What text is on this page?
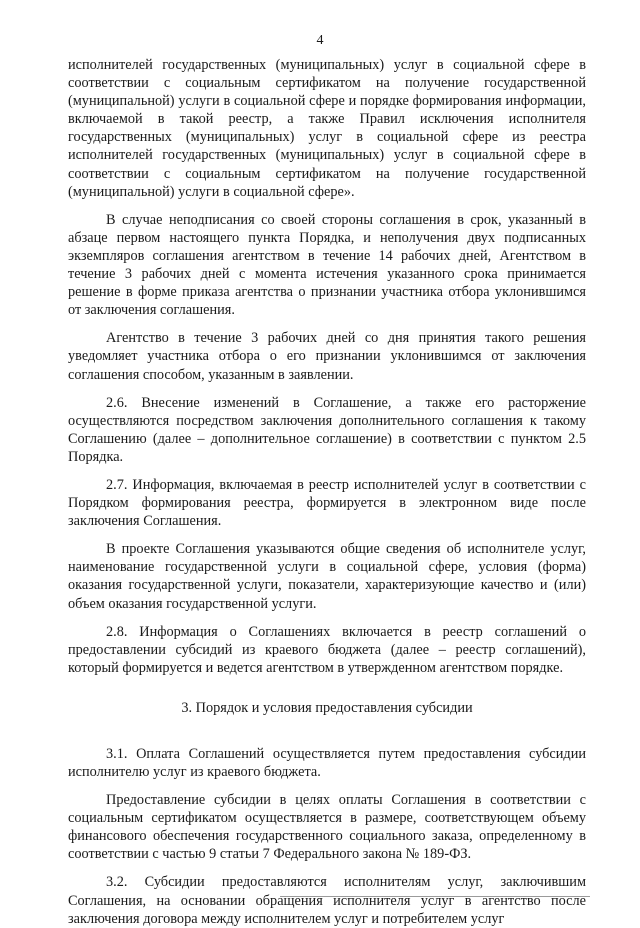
4

исполнителей государственных (муниципальных) услуг в социальной сфере в соответствии с социальным сертификатом на получение государственной (муниципальной) услуги в социальной сфере и порядке формирования информации, включаемой в такой реестр, а также Правил исключения исполнителя государственных (муниципальных) услуг в социальной сфере из реестра исполнителей государственных (муниципальных) услуг в социальной сфере в соответствии с социальным сертификатом на получение государственной (муниципальной) услуги в социальной сфере».

В случае неподписания со своей стороны соглашения в срок, указанный в абзаце первом настоящего пункта Порядка, и неполучения двух подписанных экземпляров соглашения агентством в течение 14 рабочих дней, Агентством в течение 3 рабочих дней с момента истечения указанного срока принимается решение в форме приказа агентства о признании участника отбора уклонившимся от заключения соглашения.

Агентство в течение 3 рабочих дней со дня принятия такого решения уведомляет участника отбора о его признании уклонившимся от заключения соглашения способом, указанным в заявлении.

2.6. Внесение изменений в Соглашение, а также его расторжение осуществляются посредством заключения дополнительного соглашения к такому Соглашению (далее – дополнительное соглашение) в соответствии с пунктом 2.5 Порядка.

2.7. Информация, включаемая в реестр исполнителей услуг в соответствии с Порядком формирования реестра, формируется в электронном виде после заключения Соглашения.

В проекте Соглашения указываются общие сведения об исполнителе услуг, наименование государственной услуги в социальной сфере, условия (форма) оказания государственной услуги, показатели, характеризующие качество и (или) объем оказания государственной услуги.

2.8. Информация о Соглашениях включается в реестр соглашений о предоставлении субсидий из краевого бюджета (далее – реестр соглашений), который формируется и ведется агентством в утвержденном агентством порядке.

3. Порядок и условия предоставления субсидии

3.1. Оплата Соглашений осуществляется путем предоставления субсидии исполнителю услуг из краевого бюджета.

Предоставление субсидии в целях оплаты Соглашения в соответствии с социальным сертификатом осуществляется в размере, соответствующем объему финансового обеспечения государственного социального заказа, определенному в соответствии с частью 9 статьи 7 Федерального закона № 189-ФЗ.

3.2. Субсидии предоставляются исполнителям услуг, заключившим Соглашения, на основании обращения исполнителя услуг в агентство после заключения договора между исполнителем услуг и потребителем услуг
